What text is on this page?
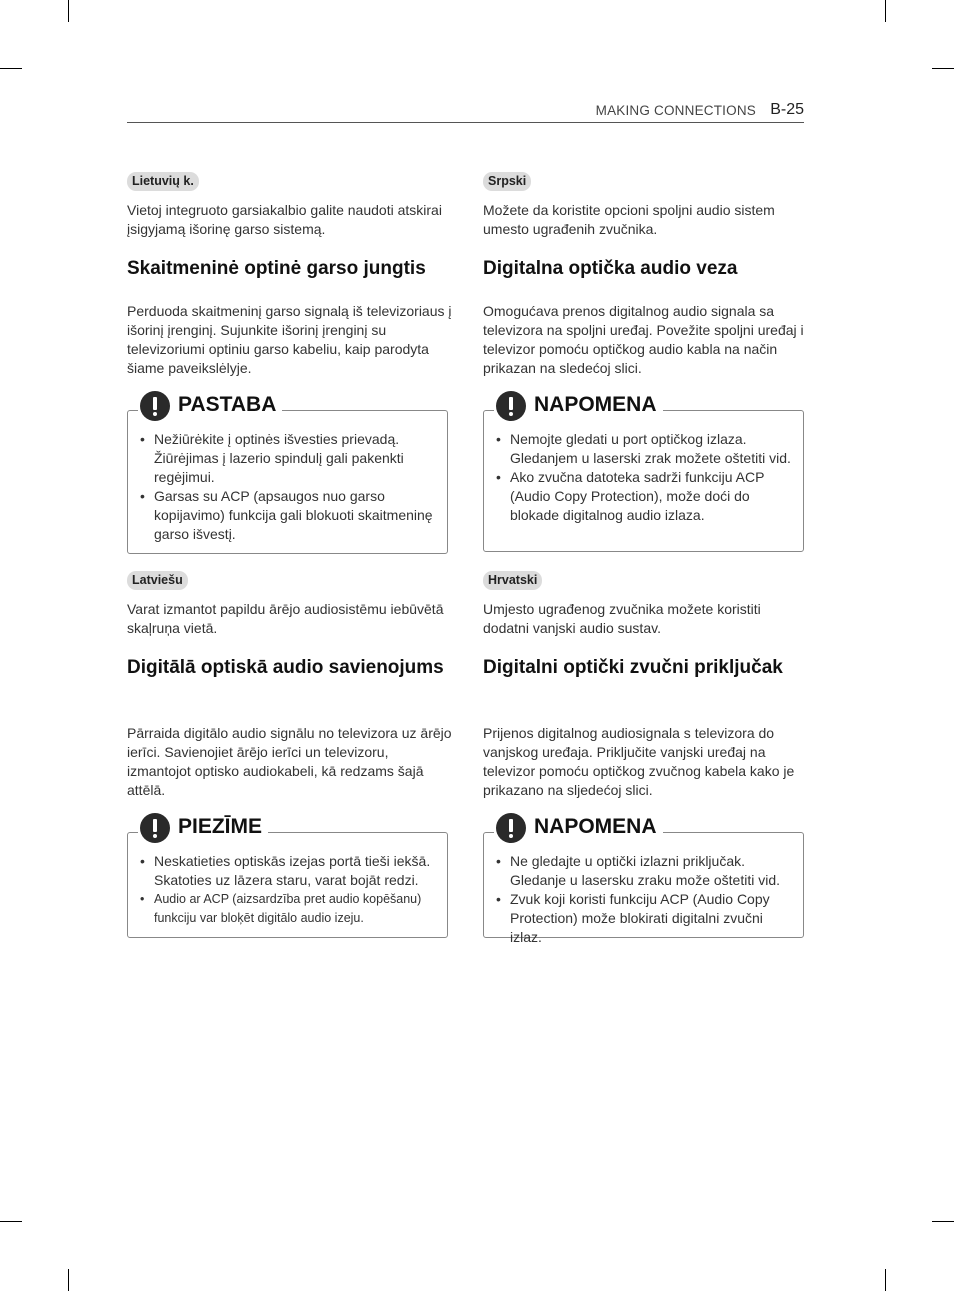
MAKING CONNECTIONS B-25
Lietuvių k.
Vietoj integruoto garsiakalbio galite naudoti atskirai įsigyjamą išorinę garso sistemą.
Skaitmeninė optinė garso jungtis
Perduoda skaitmeninį garso signalą iš televizoriaus į išorinį įrenginį. Sujunkite išorinį įrenginį su televizoriumi optiniu garso kabeliu, kaip parodyta šiame paveikslėlyje.
PASTABA
• Nežiūrėkite į optinės išvesties prievadą. Žiūrėjimas į lazerio spindulį gali pakenkti regėjimui.
• Garsas su ACP (apsaugos nuo garso kopijavimo) funkcija gali blokuoti skaitmeninę garso išvestį.
Latviešu
Varat izmantot papildu ārējo audiosistēmu iebūvētā skaļruņa vietā.
Digitālā optiskā audio savienojums
Pārraida digitālo audio signālu no televizora uz ārējo ierīci. Savienojiet ārējo ierīci un televizoru, izmantojot optisko audiokabeli, kā redzams šajā attēlā.
PIEZĪME
• Neskatieties optiskās izejas portā tieši iekšā. Skatoties uz lāzera staru, varat bojāt redzi.
• Audio ar ACP (aizsardzība pret audio kopēšanu) funkciju var bloķēt digitālo audio izeju.
Srpski
Možete da koristite opcioni spoljni audio sistem umesto ugrađenih zvučnika.
Digitalna optička audio veza
Omogućava prenos digitalnog audio signala sa televizora na spoljni uređaj. Povežite spoljni uređaj i televizor pomoću optičkog audio kabla na način prikazan na sledećoj slici.
NAPOMENA
• Nemojte gledati u port optičkog izlaza. Gledanjem u laserski zrak možete oštetiti vid.
• Ako zvučna datoteka sadrži funkciju ACP (Audio Copy Protection), može doći do blokade digitalnog audio izlaza.
Hrvatski
Umjesto ugrađenog zvučnika možete koristiti dodatni vanjski audio sustav.
Digitalni optički zvučni priključak
Prijenos digitalnog audiosignala s televizora do vanjskog uređaja. Priključite vanjski uređaj na televizor pomoću optičkog zvučnog kabela kako je prikazano na sljedećoj slici.
NAPOMENA
• Ne gledajte u optički izlazni priključak. Gledanje u lasersku zraku može oštetiti vid.
• Zvuk koji koristi funkciju ACP (Audio Copy Protection) može blokirati digitalni zvučni izlaz.
